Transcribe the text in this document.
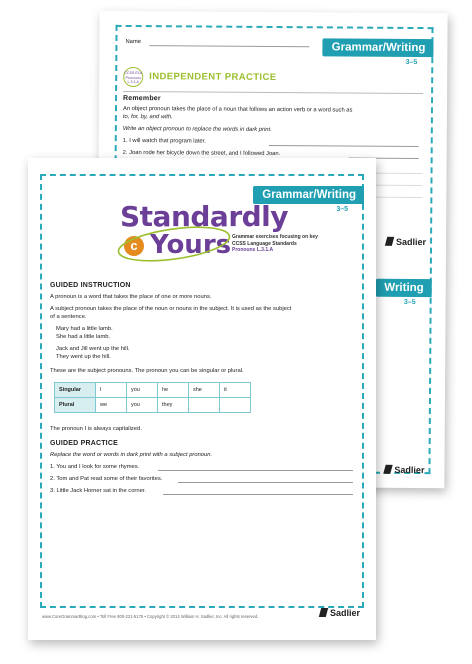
Name	Grammar/Writing
3–5
CCSS.ELA Pronouns L.3.1.A	INDEPENDENT PRACTICE
Remember
An object pronoun takes the place of a noun that follows an action verb or a word such as
to, for, by, and with.
Write an object pronoun to replace the words in dark print.
1. I will watch that program later.
2. Joan rode her bicycle down the street, and I followed Joan.
Sadlier
Writing
3–5
Sadlier
Grammar/Writing
3–5
Standardly
c Yours Grammar exercises focusing on key
CCSS Language Standards
Pronouns L.3.1.A
GUIDED INSTRUCTION
A pronoun is a word that takes the place of one or more nouns.
A subject pronoun takes the place of the noun or nouns in the subject. It is used as the subject
of a sentence.
Mary had a little lamb.
She had a little lamb.
Jack and Jill went up the hill.
They went up the hill.
These are the subject pronouns. The pronoun you can be singular or plural.
Singular	I	you	he	she	it
Plural	we	you	they		
The pronoun I is always capitalized.
GUIDED PRACTICE
Replace the word or words in dark print with a subject pronoun.
1. You and I look for some rhymes.
2. Tom and Pat read some of their favorites.
3. Little Jack Horner sat in the corner.
www.CoreGrammarBlog.com • Toll Free 800-221-5175 • Copyright © 2014 William H. Sadlier, Inc. All rights reserved.	Sadlier
